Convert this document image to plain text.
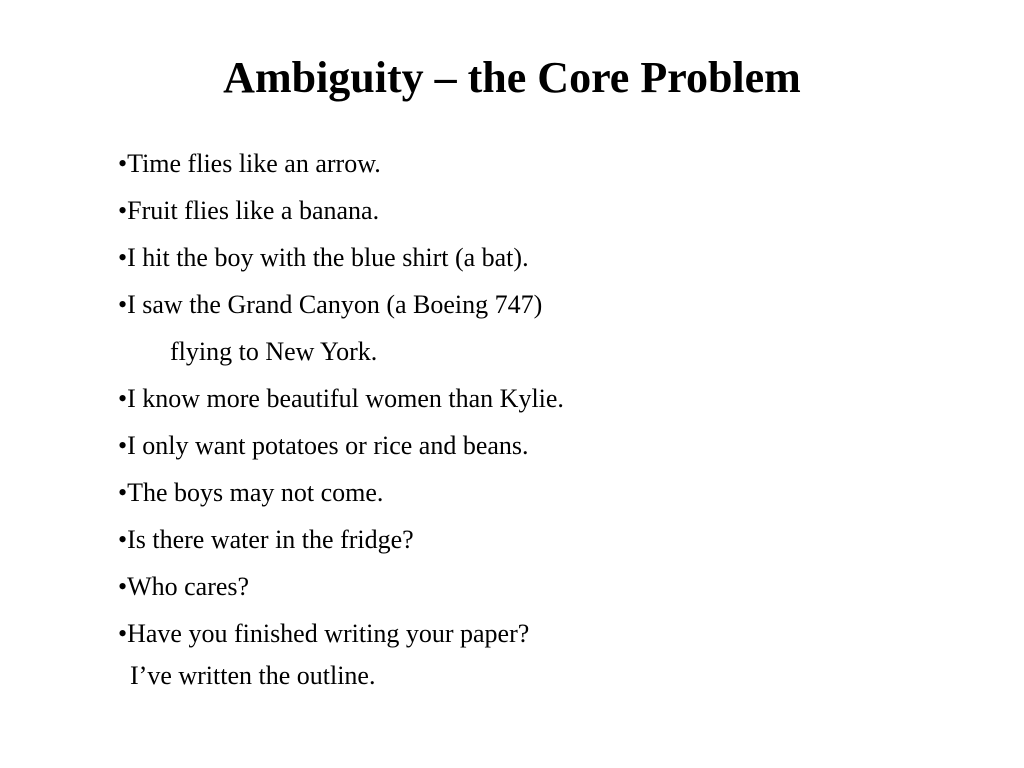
Ambiguity – the Core Problem
•Time flies like an arrow.
•Fruit flies like a banana.
•I hit the boy with the blue shirt (a bat).
•I saw the Grand Canyon (a Boeing 747)
flying to New York.
•I know more beautiful women than Kylie.
•I only want potatoes or rice and beans.
•The boys may not come.
•Is there water in the fridge?
•Who cares?
•Have you finished writing your paper?
I’ve written the outline.
